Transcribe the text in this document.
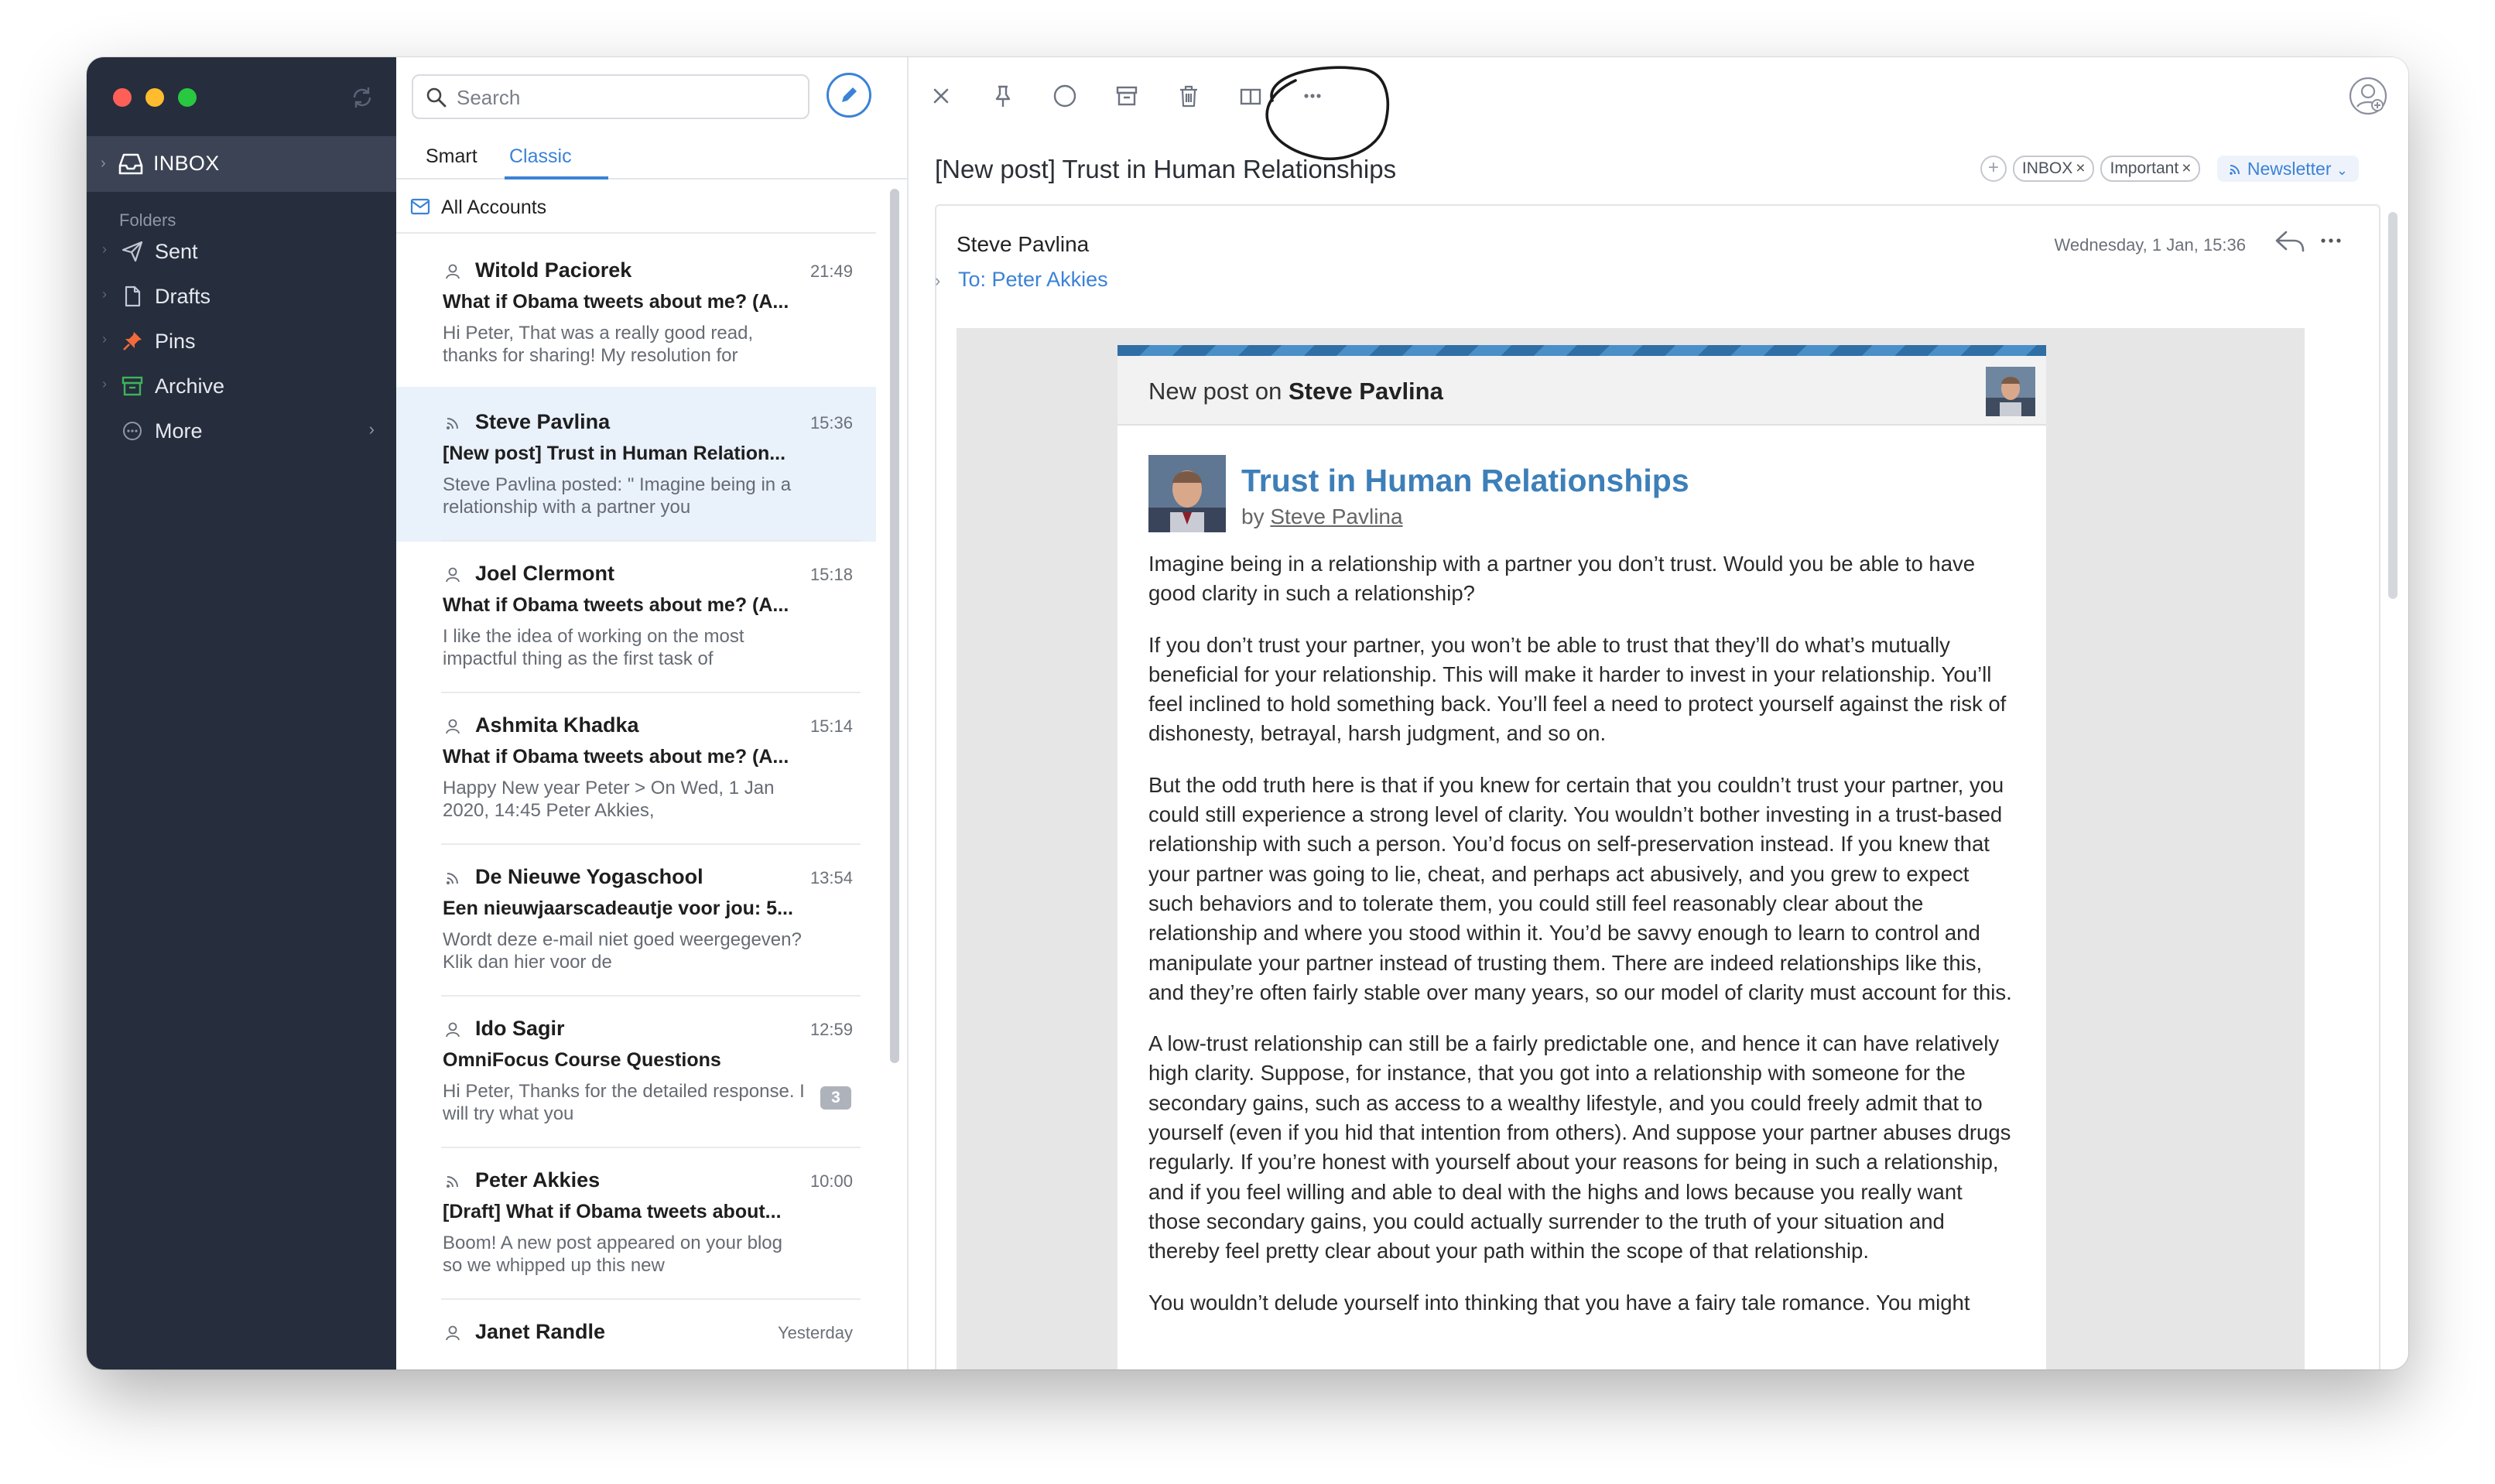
› INBOX
Folders
› Sent
› Drafts
› Pins
› Archive
More	›
Search
Smart Classic
All Accounts
Witold Paciorek	21:49
What if Obama tweets about me? (A...
Hi Peter, That was a really good read, thanks for sharing! My resolution for
Steve Pavlina	15:36
[New post] Trust in Human Relation...
Steve Pavlina posted: " Imagine being in a relationship with a partner you
Joel Clermont	15:18
What if Obama tweets about me? (A...
I like the idea of working on the most impactful thing as the first task of
Ashmita Khadka	15:14
What if Obama tweets about me? (A...
Happy New year Peter > On Wed, 1 Jan 2020, 14:45 Peter Akkies,
De Nieuwe Yogaschool	13:54
Een nieuwjaarscadeautje voor jou: 5...
Wordt deze e-mail niet goed weergegeven? Klik dan hier voor de
Ido Sagir	12:59
OmniFocus Course Questions
Hi Peter, Thanks for the detailed response. I will try what you
3
Peter Akkies	10:00
[Draft] What if Obama tweets about...
Boom! A new post appeared on your blog so we whipped up this new
Janet Randle	Yesterday
[New post] Trust in Human Relationships	+	INBOX ×	Important ×	Newsletter ⌄
Steve Pavlina	Wednesday, 1 Jan, 15:36
› To: Peter Akkies
New post on Steve Pavlina
Trust in Human Relationships
by Steve Pavlina

Imagine being in a relationship with a partner you don’t trust. Would you be able to have good clarity in such a relationship?

If you don’t trust your partner, you won’t be able to trust that they’ll do what’s mutually beneficial for your relationship. This will make it harder to invest in your relationship. You’ll feel inclined to hold something back. You’ll feel a need to protect yourself against the risk of dishonesty, betrayal, harsh judgment, and so on.

But the odd truth here is that if you knew for certain that you couldn’t trust your partner, you could still experience a strong level of clarity. You wouldn’t bother investing in a trust-based relationship with such a person. You’d focus on self-preservation instead. If you knew that your partner was going to lie, cheat, and perhaps act abusively, and you grew to expect such behaviors and to tolerate them, you could still feel reasonably clear about the relationship and where you stood within it. You’d be savvy enough to learn to control and manipulate your partner instead of trusting them. There are indeed relationships like this, and they’re often fairly stable over many years, so our model of clarity must account for this.

A low-trust relationship can still be a fairly predictable one, and hence it can have relatively high clarity. Suppose, for instance, that you got into a relationship with someone for the secondary gains, such as access to a wealthy lifestyle, and you could freely admit that to yourself (even if you hid that intention from others). And suppose your partner abuses drugs regularly. If you’re honest with yourself about your reasons for being in such a relationship, and if you feel willing and able to deal with the highs and lows because you really want those secondary gains, you could actually surrender to the truth of your situation and thereby feel pretty clear about your path within the scope of that relationship.

You wouldn’t delude yourself into thinking that you have a fairy tale romance. You might
